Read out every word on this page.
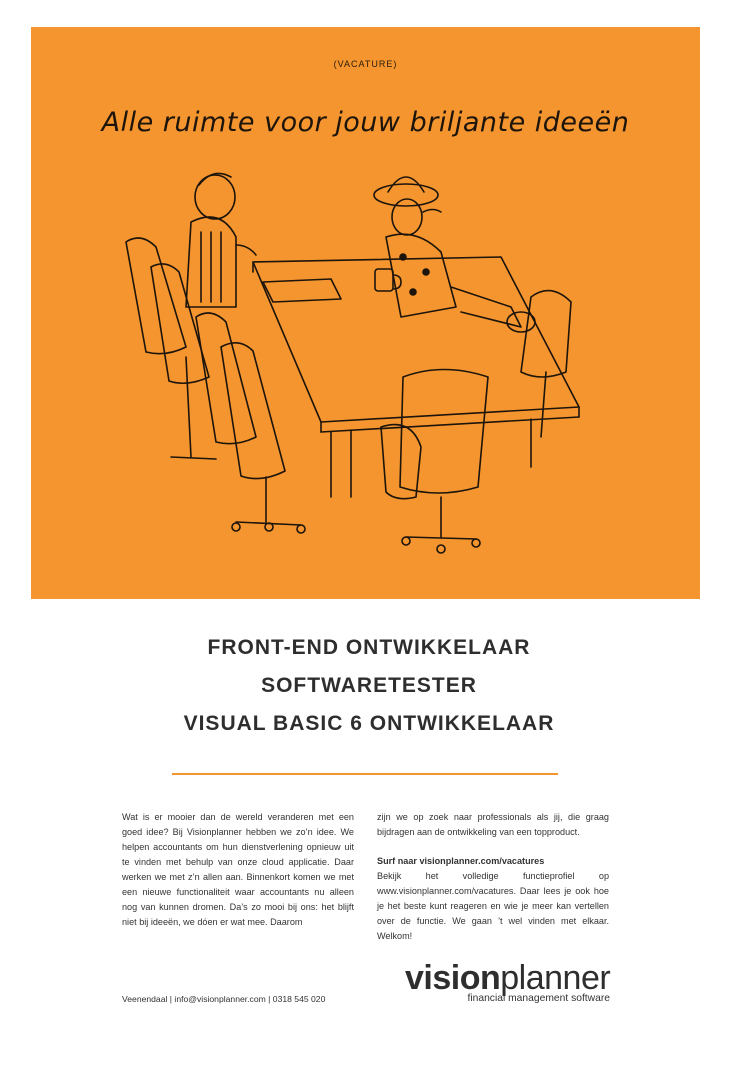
(VACATURE)
Alle ruimte voor jouw briljante ideeën
FRONT-END ONTWIKKELAAR
SOFTWARETESTER
VISUAL BASIC 6 ONTWIKKELAAR
Wat is er mooier dan de wereld veranderen met een goed idee? Bij Visionplanner hebben we zo’n idee. We helpen accountants om hun dienstverlening opnieuw uit te vinden met behulp van onze cloud applicatie. Daar werken we met z’n allen aan. Binnenkort komen we met een nieuwe functionaliteit waar accountants nu alleen nog van kunnen dromen. Da’s zo mooi bij ons: het blijft niet bij ideeën, we dóen er wat mee. Daarom
zijn we op zoek naar professionals als jij, die graag bijdragen aan de ontwikkeling van een topproduct.
Surf naar visionplanner.com/vacatures
Bekijk het volledige functieprofiel op www.visionplanner.com/vacatures. Daar lees je ook hoe je het beste kunt reageren en wie je meer kan vertellen over de functie. We gaan ’t wel vinden met elkaar. Welkom!
visionplanner
financial management software
Veenendaal | info@visionplanner.com | 0318 545 020
